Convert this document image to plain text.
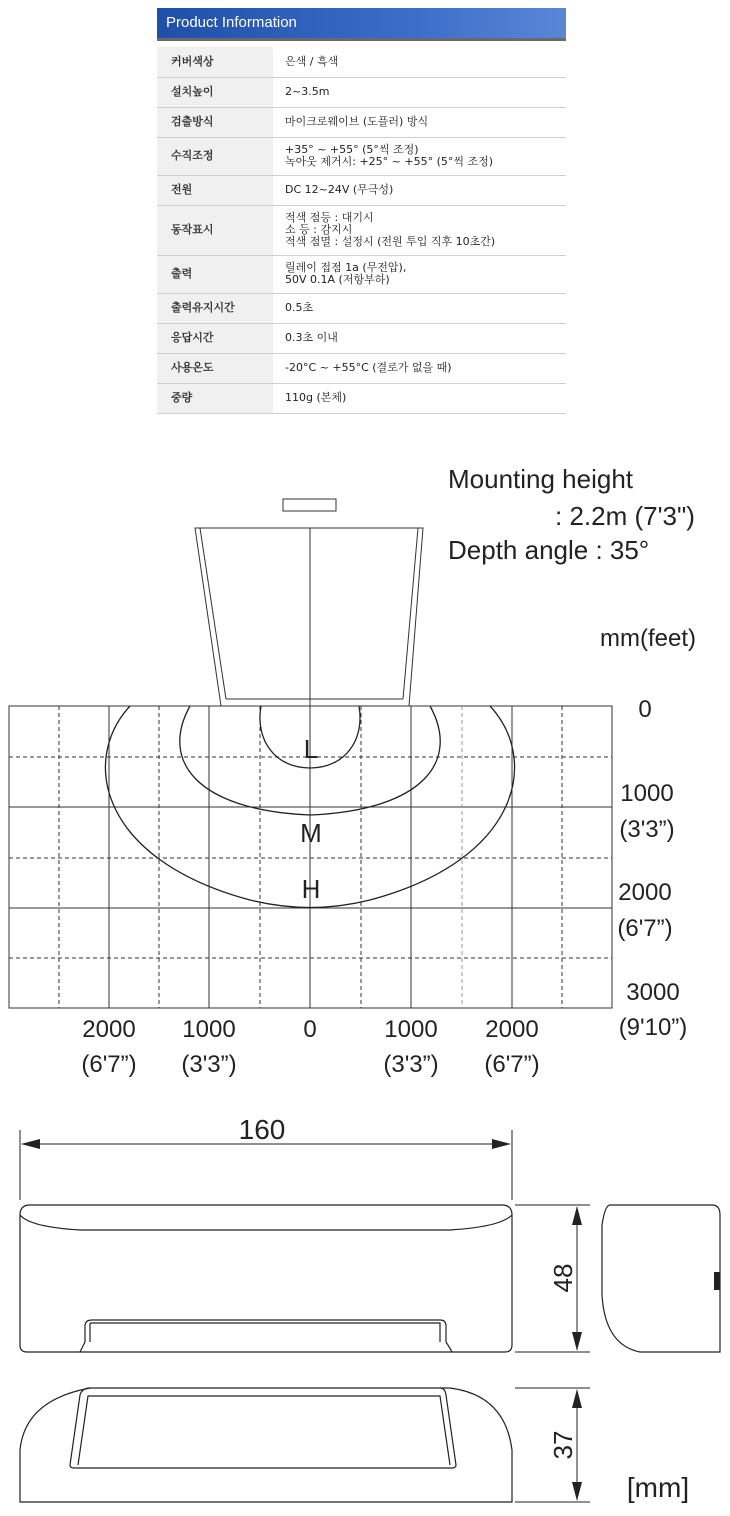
Product Information
커버색상	은색 / 흑색

설치높이	2~3.5m

검출방식	마이크로웨이브 (도플러) 방식

수직조정	+35° ~ +55° (5°씩 조정)
녹아웃 제거시: +25° ~ +55° (5°씩 조정)

전원	DC 12~24V (무극성)

동작표시	적색 점등 : 대기시
소 등 : 감지시
적색 점멸 : 설정시 (전원 투입 직후 10초간)

출력	릴레이 접점 1a (무전압),
50V 0.1A (저항부하)

출력유지시간	0.5초

응답시간	0.3초 이내

사용온도	-20°C ~ +55°C (결로가 없을 때)

중량	110g (본체)
Mounting height
: 2.2m (7'3")
Depth angle : 35°
mm(feet)
L
M
H
0
1000
(3'3”)
2000
(6'7”)
3000
(9'10”)
2000
(6'7”)
1000
(3'3”)
0	1000
(3'3”)
2000
(6'7”)
160
48
37
[mm]
